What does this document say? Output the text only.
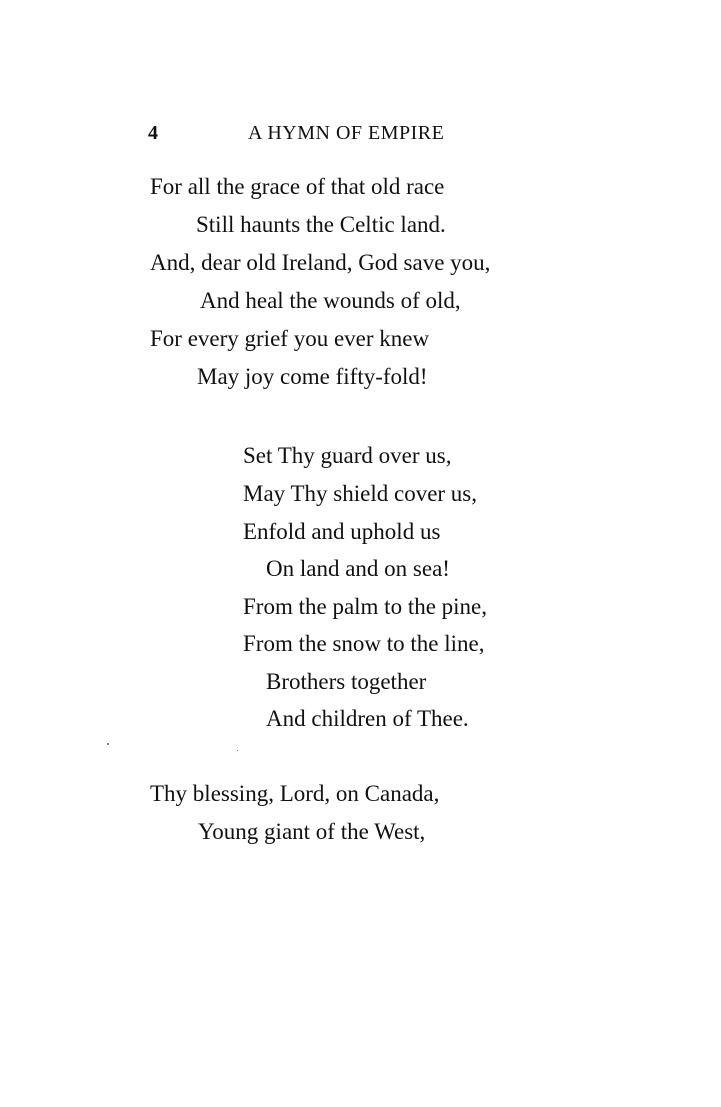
4	A HYMN OF EMPIRE
For all the grace of that old race
Still haunts the Celtic land.
And, dear old Ireland, God save you,
And heal the wounds of old,
For every grief you ever knew
May joy come fifty-fold!
Set Thy guard over us,
May Thy shield cover us,
Enfold and uphold us
On land and on sea!
From the palm to the pine,
From the snow to the line,
Brothers together
And children of Thee.
Thy blessing, Lord, on Canada,
Young giant of the West,
